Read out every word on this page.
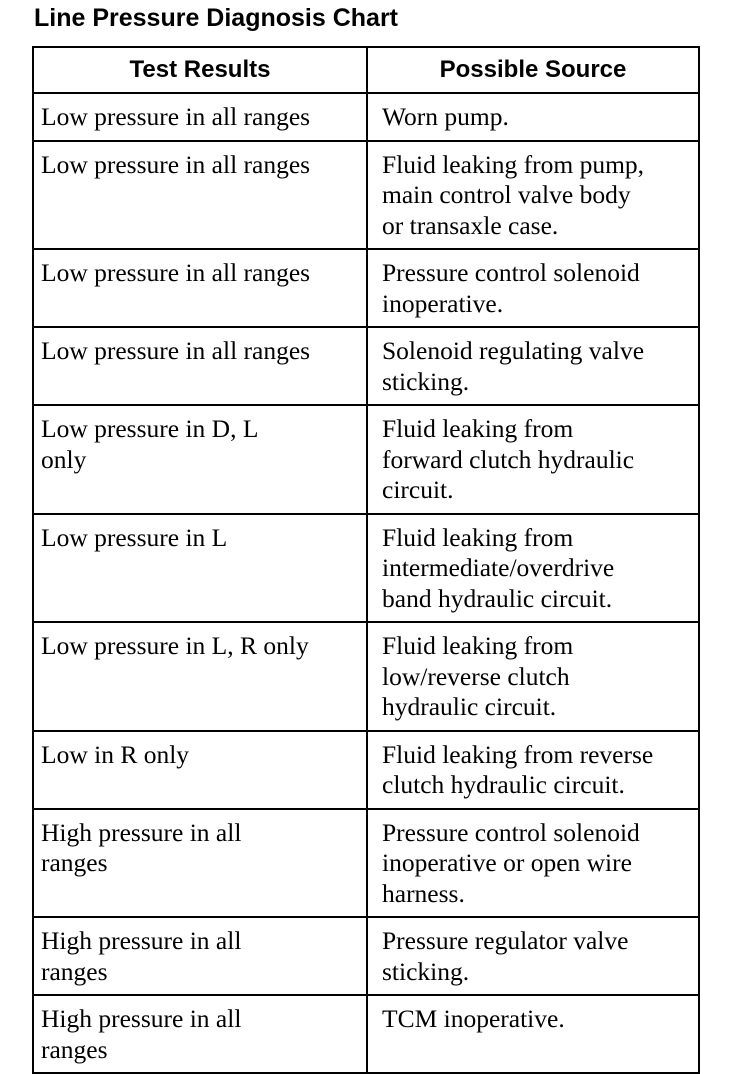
Line Pressure Diagnosis Chart
Test Results	Possible Source

Low pressure in all ranges	Worn pump.

Low pressure in all ranges	Fluid leaking from pump,
main control valve body
or transaxle case.

Low pressure in all ranges	Pressure control solenoid
inoperative.

Low pressure in all ranges	Solenoid regulating valve
sticking.

Low pressure in D, L
only	Fluid leaking from
forward clutch hydraulic
circuit.

Low pressure in L	Fluid leaking from
intermediate/overdrive
band hydraulic circuit.

Low pressure in L, R only	Fluid leaking from
low/reverse clutch
hydraulic circuit.

Low in R only	Fluid leaking from reverse
clutch hydraulic circuit.

High pressure in all
ranges	Pressure control solenoid
inoperative or open wire
harness.

High pressure in all
ranges	Pressure regulator valve
sticking.

High pressure in all
ranges	TCM inoperative.
